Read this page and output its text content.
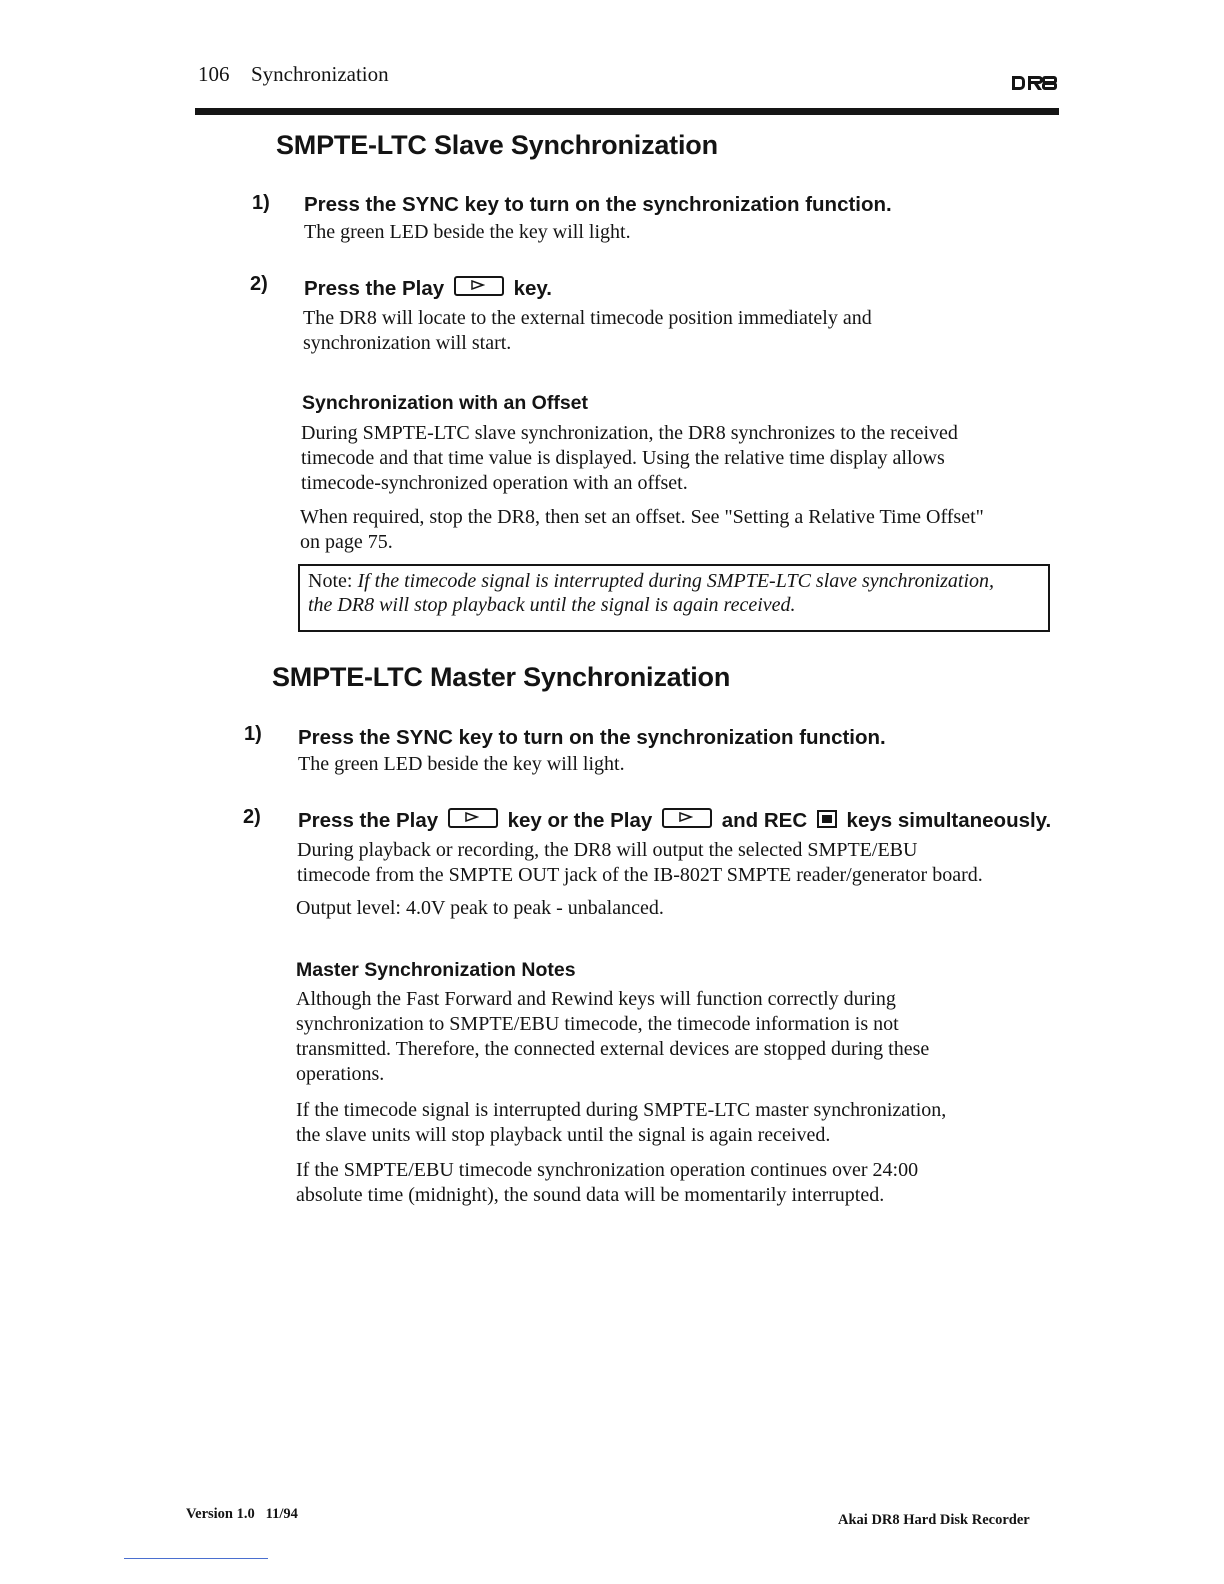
106 Synchronization
SMPTE-LTC Slave Synchronization
1) Press the SYNC key to turn on the synchronization function.
The green LED beside the key will light.
2) Press the Play	key.
The DR8 will locate to the external timecode position immediately and
synchronization will start.
Synchronization with an Offset
During SMPTE-LTC slave synchronization, the DR8 synchronizes to the received
timecode and that time value is displayed. Using the relative time display allows
timecode-synchronized operation with an offset.
When required, stop the DR8, then set an offset. See "Setting a Relative Time Offset"
on page 75.
Note: If the timecode signal is interrupted during SMPTE-LTC slave synchronization,
the DR8 will stop playback until the signal is again received.
SMPTE-LTC Master Synchronization
1) Press the SYNC key to turn on the synchronization function.
The green LED beside the key will light.
2) Press the Play	key or the Play	and REC keys simultaneously.
During playback or recording, the DR8 will output the selected SMPTE/EBU
timecode from the SMPTE OUT jack of the IB-802T SMPTE reader/generator board.
Output level: 4.0V peak to peak - unbalanced.
Master Synchronization Notes
Although the Fast Forward and Rewind keys will function correctly during
synchronization to SMPTE/EBU timecode, the timecode information is not
transmitted. Therefore, the connected external devices are stopped during these
operations.
If the timecode signal is interrupted during SMPTE-LTC master synchronization,
the slave units will stop playback until the signal is again received.
If the SMPTE/EBU timecode synchronization operation continues over 24:00
absolute time (midnight), the sound data will be momentarily interrupted.
Version 1.0   11/94	Akai DR8 Hard Disk Recorder
